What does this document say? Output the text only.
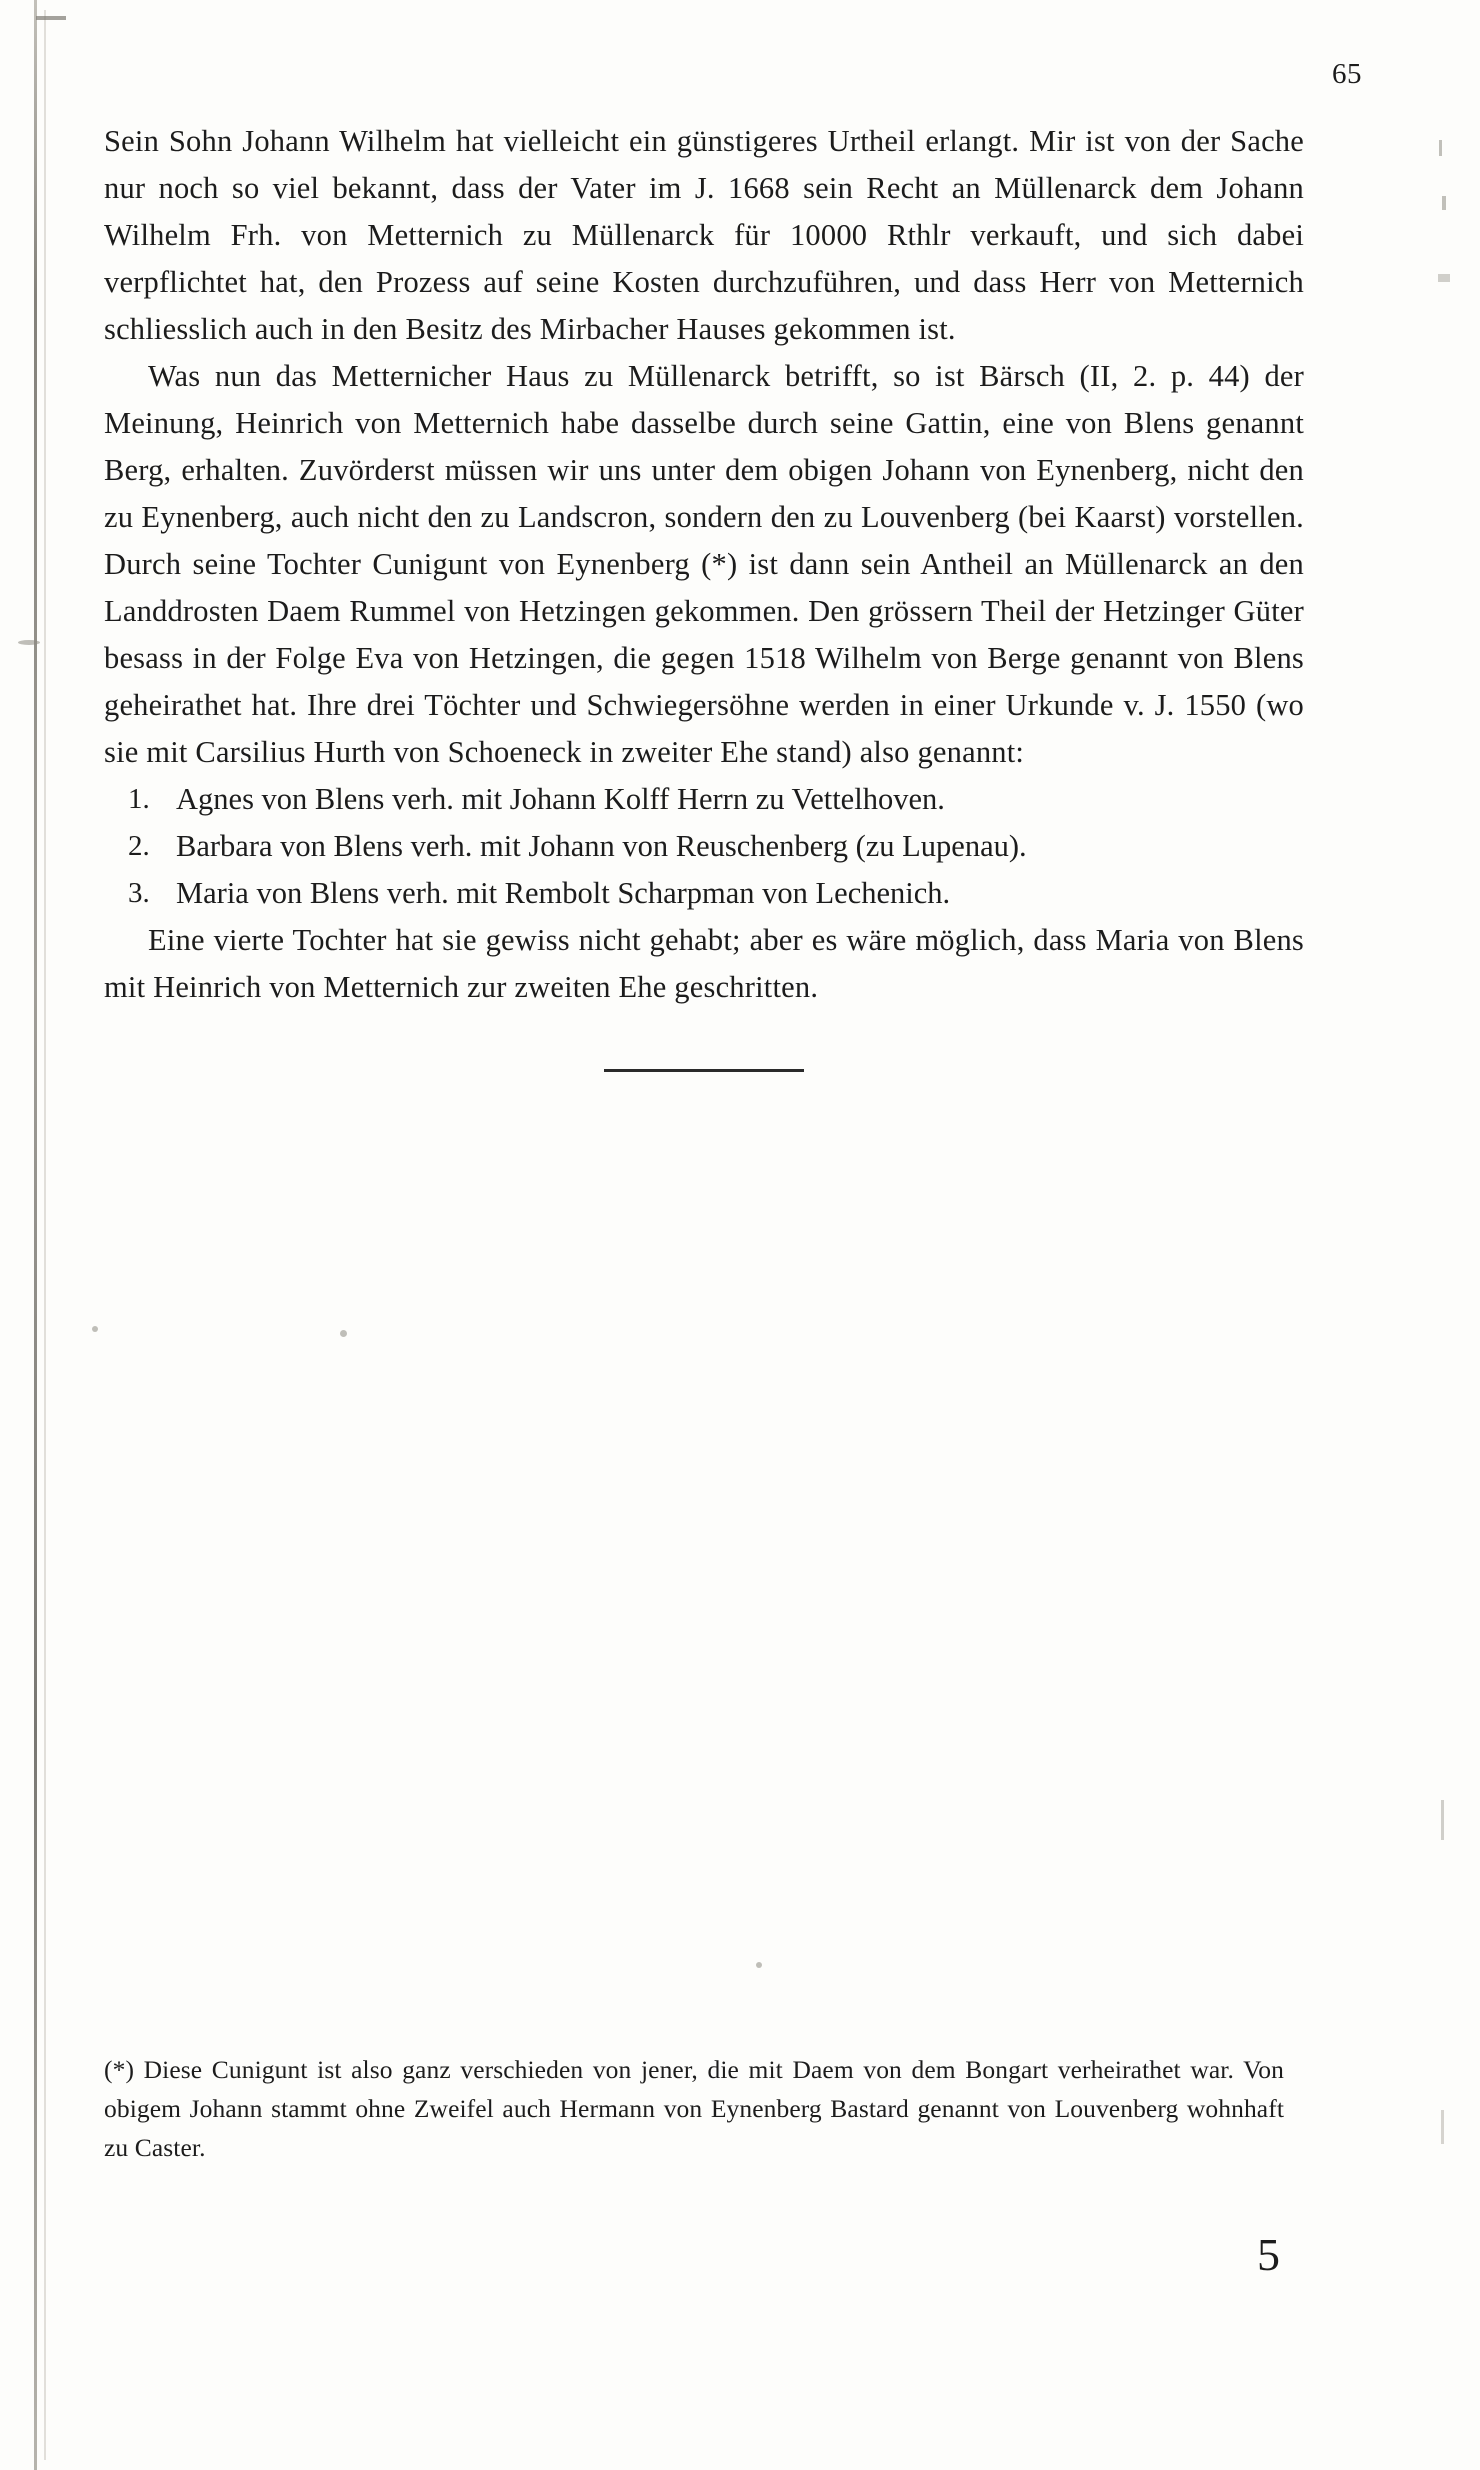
65

Sein Sohn Johann Wilhelm hat vielleicht ein günstigeres Urtheil erlangt. Mir ist von der Sache nur noch so viel bekannt, dass der Vater im J. 1668 sein Recht an Müllenarck dem Johann Wilhelm Frh. von Metternich zu Müllenarck für 10000 Rthlr verkauft, und sich dabei verpflichtet hat, den Prozess auf seine Kosten durchzuführen, und dass Herr von Metternich schliesslich auch in den Besitz des Mirbacher Hauses gekommen ist.

Was nun das Metternicher Haus zu Müllenarck betrifft, so ist Bärsch (II, 2. p. 44) der Meinung, Heinrich von Metternich habe dasselbe durch seine Gattin, eine von Blens genannt Berg, erhalten. Zuvörderst müssen wir uns unter dem obigen Johann von Eynenberg, nicht den zu Eynenberg, auch nicht den zu Landscron, sondern den zu Louvenberg (bei Kaarst) vorstellen. Durch seine Tochter Cunigunt von Eynenberg (*) ist dann sein Antheil an Müllenarck an den Landdrosten Daem Rummel von Hetzingen gekommen. Den grössern Theil der Hetzinger Güter besass in der Folge Eva von Hetzingen, die gegen 1518 Wilhelm von Berge genannt von Blens geheirathet hat. Ihre drei Töchter und Schwiegersöhne werden in einer Urkunde v. J. 1550 (wo sie mit Carsilius Hurth von Schoeneck in zweiter Ehe stand) also genannt:

1. Agnes von Blens verh. mit Johann Kolff Herrn zu Vettelhoven.
2. Barbara von Blens verh. mit Johann von Reuschenberg (zu Lupenau).
3. Maria von Blens verh. mit Rembolt Scharpman von Lechenich.

Eine vierte Tochter hat sie gewiss nicht gehabt; aber es wäre möglich, dass Maria von Blens mit Heinrich von Metternich zur zweiten Ehe geschritten.

(*) Diese Cunigunt ist also ganz verschieden von jener, die mit Daem von dem Bongart verheirathet war. Von obigem Johann stammt ohne Zweifel auch Hermann von Eynenberg Bastard genannt von Louvenberg wohnhaft zu Caster.
5
